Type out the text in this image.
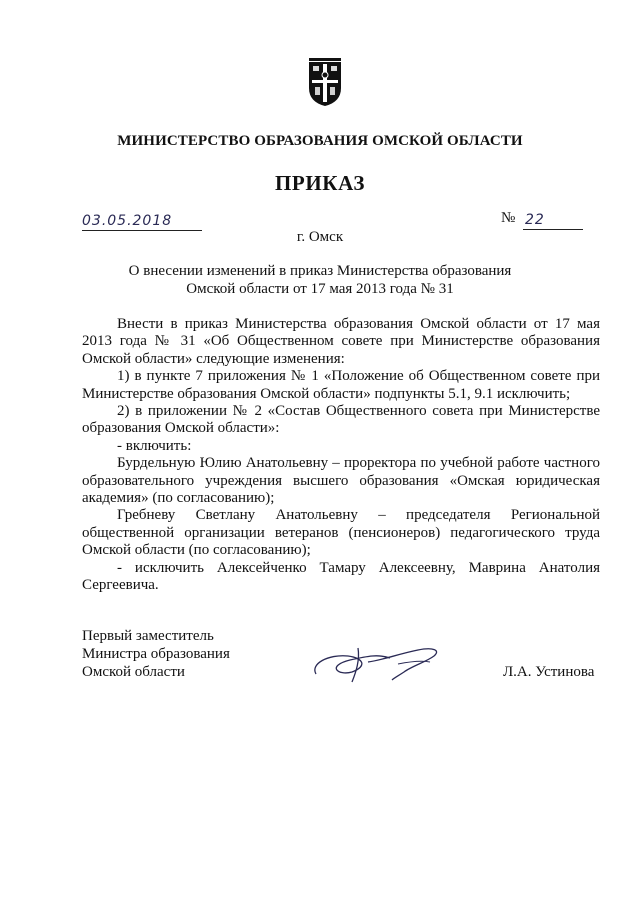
МИНИСТЕРСТВО ОБРАЗОВАНИЯ ОМСКОЙ ОБЛАСТИ
ПРИКАЗ
03.05.2018	№ 22
г. Омск
О внесении изменений в приказ Министерства образования
Омской области от 17 мая 2013 года № 31

Внести в приказ Министерства образования Омской области от 17 мая 2013 года № 31 «Об Общественном совете при Министерстве образования Омской области» следующие изменения:

1) в пункте 7 приложения № 1 «Положение об Общественном совете при Министерстве образования Омской области» подпункты 5.1, 9.1 исключить;

2) в приложении № 2 «Состав Общественного совета при Министерстве образования Омской области»:

- включить:

Бурдельную Юлию Анатольевну – проректора по учебной работе частного образовательного учреждения высшего образования «Омская юридическая академия» (по согласованию);

Гребневу Светлану Анатольевну – председателя Региональной общественной организации ветеранов (пенсионеров) педагогического труда Омской области (по согласованию);

- исключить Алексейченко Тамару Алексеевну, Маврина Анатолия Сергеевича.

Первый заместитель
Министра образования
Омской области	Л.А. Устинова
